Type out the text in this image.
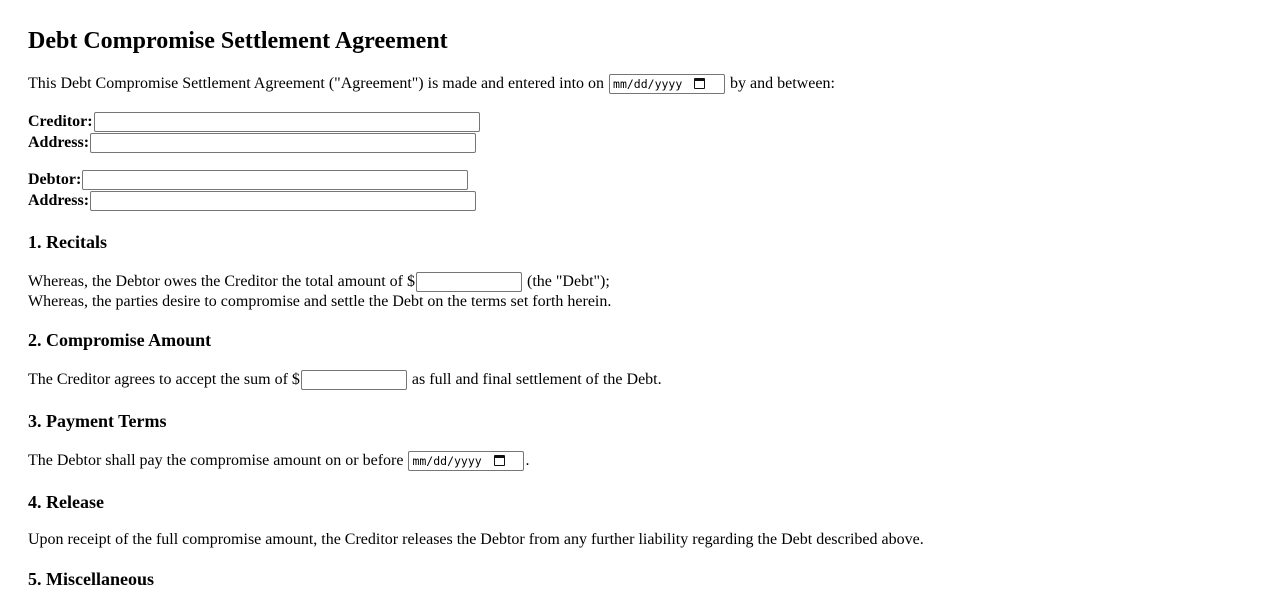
Debt Compromise Settlement Agreement
This Debt Compromise Settlement Agreement ("Agreement") is made and entered into on mm/dd/yyyy	by and between:
Creditor:
Address:
Debtor:
Address:
1. Recitals
Whereas, the Debtor owes the Creditor the total amount of $	(the "Debt");
Whereas, the parties desire to compromise and settle the Debt on the terms set forth herein.
2. Compromise Amount
The Creditor agrees to accept the sum of $	as full and final settlement of the Debt.
3. Payment Terms
The Debtor shall pay the compromise amount on or before mm/dd/yyyy	.
4. Release
Upon receipt of the full compromise amount, the Creditor releases the Debtor from any further liability regarding the Debt described above.
5. Miscellaneous
